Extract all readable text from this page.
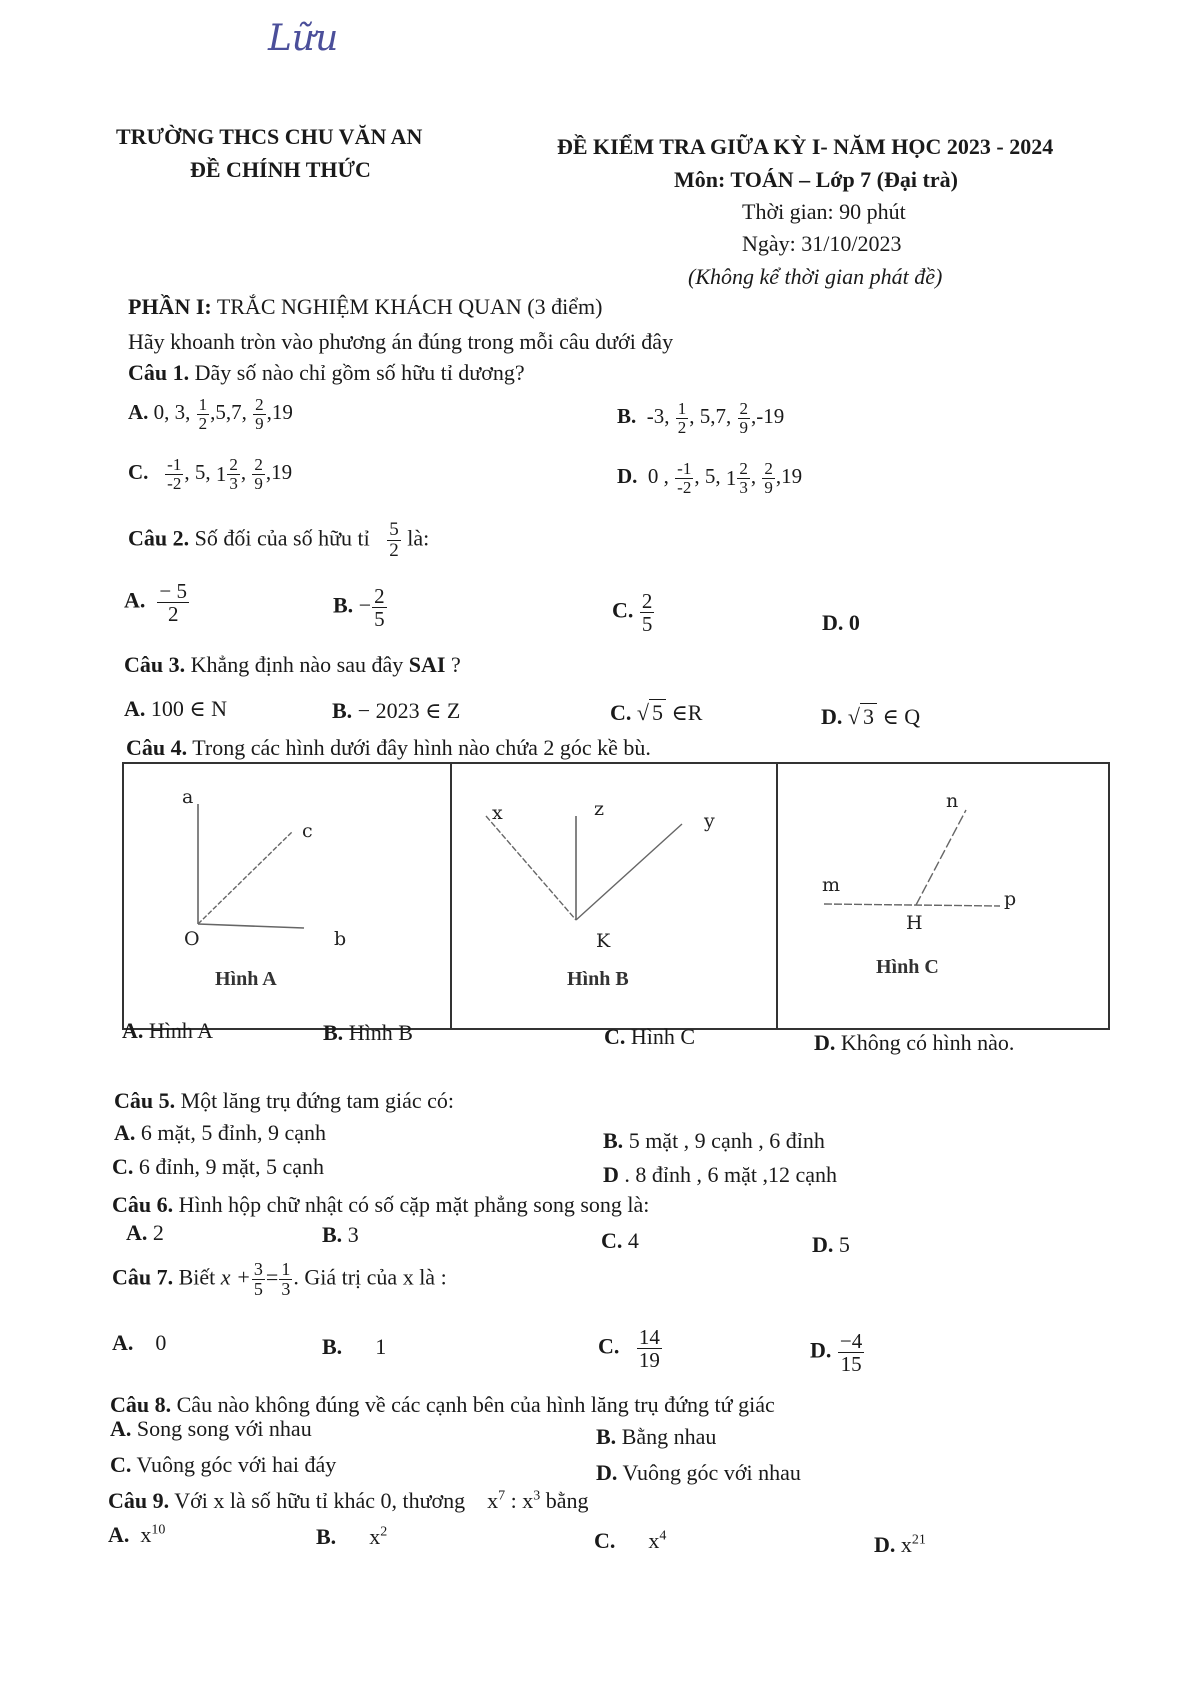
Lữu
TRƯỜNG THCS CHU VĂN AN
ĐỀ CHÍNH THỨC
ĐỀ KIỂM TRA GIỮA KỲ I- NĂM HỌC 2023 - 2024
Môn: TOÁN – Lớp 7 (Đại trà)
Thời gian: 90 phút
Ngày: 31/10/2023
(Không kể thời gian phát đề)
PHẦN I: TRẮC NGHIỆM KHÁCH QUAN (3 điểm)
Hãy khoanh tròn vào phương án đúng trong mỗi câu dưới đây
Câu 1. Dãy số nào chỉ gồm số hữu tỉ dương?
A. 0, 3, $\frac{1}{2} ,5,7$, $\frac{2}{9} ,19$	B. -3, $\frac{1}{2}$ , 5,7, $\frac{2}{9} ,-19$
C. $\frac{-1}{-2}$ , 5, $1 \frac{2}{3}$ , $\frac{2}{9} ,19$	D. 0 , $\frac{-1}{-2}$ , 5, $1 \frac{2}{3}$ , $\frac{2}{9} ,19$
Câu 2. Số đối của số hữu tỉ $\frac{5}{2}$ là:
A. $\frac{- 5}{2}$	B. − $\frac{2}{5}$	C. $\frac{2}{5}$	D. 0
Câu 3. Khẳng định nào sau đây SAI ?
A. 100 ∈ N	B. − 2023 ∈ Z	C. √ 5 ∈R	D. √ 3 ∈ Q
Câu 4. Trong các hình dưới đây hình nào chứa 2 góc kề bù.
a
c
O	b
Hình A
x	z
y
K
Hình B
n
m
p
H
Hình C
A. Hình A	B. Hình B	C. Hình C	D. Không có hình nào.
Câu 5. Một lăng trụ đứng tam giác có:
A. 6 mặt, 5 đỉnh, 9 cạnh	B. 5 mặt , 9 cạnh , 6 đỉnh
C. 6 đỉnh, 9 mặt, 5 cạnh	D . 8 đỉnh , 6 mặt ,12 cạnh
Câu 6. Hình hộp chữ nhật có số cặp mặt phẳng song song là:
A. 2	B. 3	C. 4	D. 5
Câu 7. Biết $x + \frac{3}{5} = \frac{1}{3}$ . Giá trị của x là :
A. 0	B. 1	C. $\frac{14}{19}$	D. $\frac{-4}{15}$
Câu 8. Câu nào không đúng về các cạnh bên của hình lăng trụ đứng tứ giác
A. Song song với nhau	B. Bằng nhau
C. Vuông góc với hai đáy	D. Vuông góc với nhau
Câu 9. Với x là số hữu tỉ khác 0, thương $x^7$ : $x^3$ bằng
A. $x^{10}$	B. $x^2$	C. $x^4$	D. $x^{21}$
